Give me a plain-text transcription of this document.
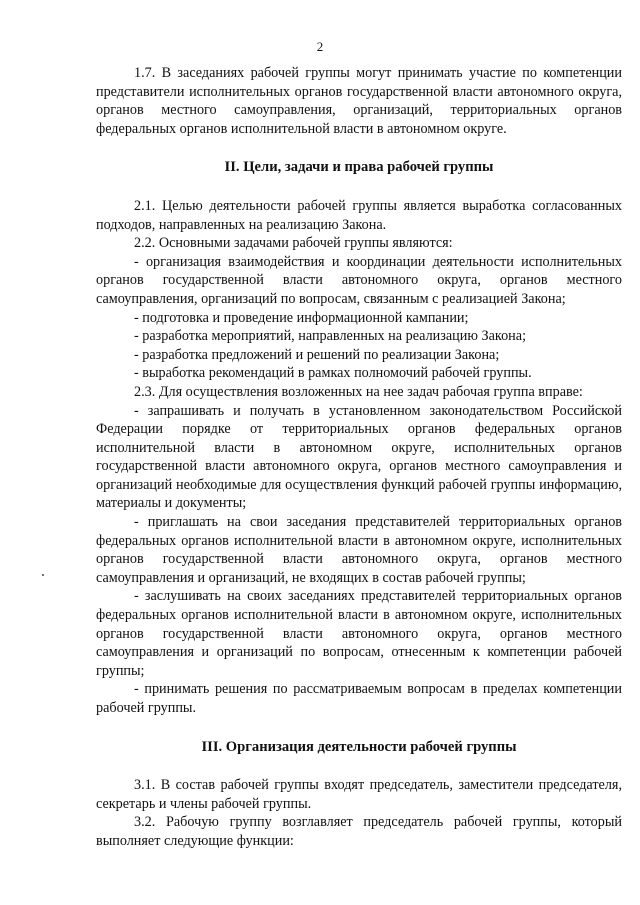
2

1.7. В заседаниях рабочей группы могут принимать участие по компетенции представители исполнительных органов государственной власти автономного округа, органов местного самоуправления, организаций, территориальных органов федеральных органов исполнительной власти в автономном округе.

II. Цели, задачи и права рабочей группы

2.1. Целью деятельности рабочей группы является выработка согласованных подходов, направленных на реализацию Закона.

2.2. Основными задачами рабочей группы являются:

- организация взаимодействия и координации деятельности исполнительных органов государственной власти автономного округа, органов местного самоуправления, организаций по вопросам, связанным с реализацией Закона;

- подготовка и проведение информационной кампании;

- разработка мероприятий, направленных на реализацию Закона;

- разработка предложений и решений по реализации Закона;

- выработка рекомендаций в рамках полномочий рабочей группы.

2.3. Для осуществления возложенных на нее задач рабочая группа вправе:

- запрашивать и получать в установленном законодательством Российской Федерации порядке от территориальных органов федеральных органов исполнительной власти в автономном округе, исполнительных органов государственной власти автономного округа, органов местного самоуправления и организаций необходимые для осуществления функций рабочей группы информацию, материалы и документы;

- приглашать на свои заседания представителей территориальных органов федеральных органов исполнительной власти в автономном округе, исполнительных органов государственной власти автономного округа, органов местного самоуправления и организаций, не входящих в состав рабочей группы;

- заслушивать на своих заседаниях представителей территориальных органов федеральных органов исполнительной власти в автономном округе, исполнительных органов государственной власти автономного округа, органов местного самоуправления и организаций по вопросам, отнесенным к компетенции рабочей группы;

- принимать решения по рассматриваемым вопросам в пределах компетенции рабочей группы.

III. Организация деятельности рабочей группы

3.1. В состав рабочей группы входят председатель, заместители председателя, секретарь и члены рабочей группы.

3.2. Рабочую группу возглавляет председатель рабочей группы, который выполняет следующие функции:
